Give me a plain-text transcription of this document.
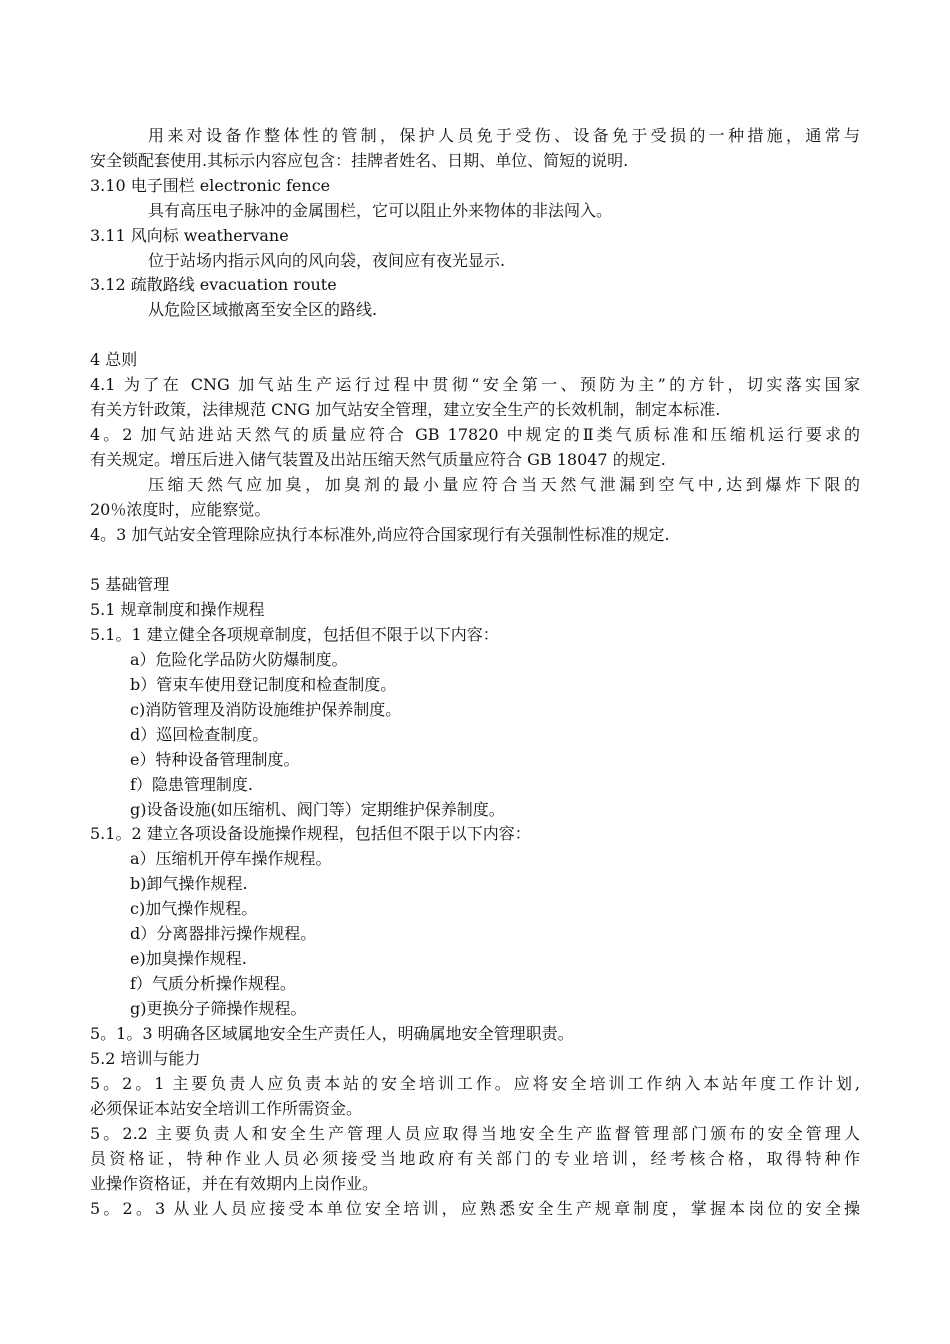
用来对设备作整体性的管制，保护人员免于受伤、设备免于受损的一种措施，通常与
安全锁配套使用.其标示内容应包含：挂牌者姓名、日期、单位、简短的说明.
3.10 电子围栏 electronic fence
具有高压电子脉冲的金属围栏，它可以阻止外来物体的非法闯入。
3.11 风向标 weathervane
位于站场内指示风向的风向袋，夜间应有夜光显示.
3.12 疏散路线 evacuation route
从危险区域撤离至安全区的路线.
4 总则
4.1 为了在 CNG 加气站生产运行过程中贯彻“安全第一、预防为主”的方针，切实落实国家
有关方针政策，法律规范 CNG 加气站安全管理，建立安全生产的长效机制，制定本标准.
4。2 加气站进站天然气的质量应符合 GB 17820 中规定的Ⅱ类气质标准和压缩机运行要求的
有关规定。增压后进入储气装置及出站压缩天然气质量应符合 GB 18047 的规定.
压缩天然气应加臭，加臭剂的最小量应符合当天然气泄漏到空气中,达到爆炸下限的
20％浓度时，应能察觉。
4。3 加气站安全管理除应执行本标准外,尚应符合国家现行有关强制性标准的规定.
5 基础管理
5.1 规章制度和操作规程
5.1。1 建立健全各项规章制度，包括但不限于以下内容：
a）危险化学品防火防爆制度。
b）管束车使用登记制度和检查制度。
c)消防管理及消防设施维护保养制度。
d）巡回检查制度。
e）特种设备管理制度。
f）隐患管理制度.
g)设备设施(如压缩机、阀门等）定期维护保养制度。
5.1。2 建立各项设备设施操作规程，包括但不限于以下内容：
a）压缩机开停车操作规程。
b)卸气操作规程.
c)加气操作规程。
d）分离器排污操作规程。
e)加臭操作规程.
f）气质分析操作规程。
g)更换分子筛操作规程。
5。1。3 明确各区域属地安全生产责任人，明确属地安全管理职责。
5.2 培训与能力
5。2。1 主要负责人应负责本站的安全培训工作。应将安全培训工作纳入本站年度工作计划,
必须保证本站安全培训工作所需资金。
5。2.2 主要负责人和安全生产管理人员应取得当地安全生产监督管理部门颁布的安全管理人
员资格证，特种作业人员必须接受当地政府有关部门的专业培训，经考核合格，取得特种作
业操作资格证，并在有效期内上岗作业。
5。2。3 从业人员应接受本单位安全培训，应熟悉安全生产规章制度，掌握本岗位的安全操
